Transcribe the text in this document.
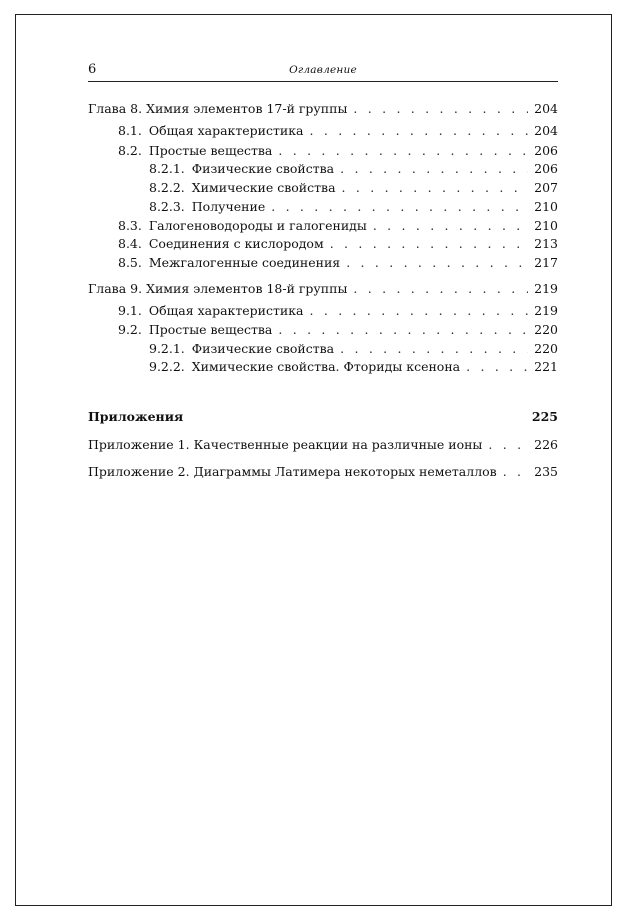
6	Оглавление
Глава 8. Химия элементов 17-й группы . . .	204
8.1. Общая характеристика . . .	204
8.2. Простые вещества . . .	206
8.2.1. Физические свойства . . .	206
8.2.2. Химические свойства . . .	207
8.2.3. Получение . . .	210
8.3. Галогеноводороды и галогениды . . .	210
8.4. Соединения с кислородом . . .	213
8.5. Межгалогенные соединения . . .	217
Глава 9. Химия элементов 18-й группы . . .	219
9.1. Общая характеристика . . .	219
9.2. Простые вещества . . .	220
9.2.1. Физические свойства . . .	220
9.2.2. Химические свойства. Фториды ксенона . . .	221
Приложения	225
Приложение 1. Качественные реакции на различные ионы . . .	226
Приложение 2. Диаграммы Латимера некоторых неметаллов . . .	235
